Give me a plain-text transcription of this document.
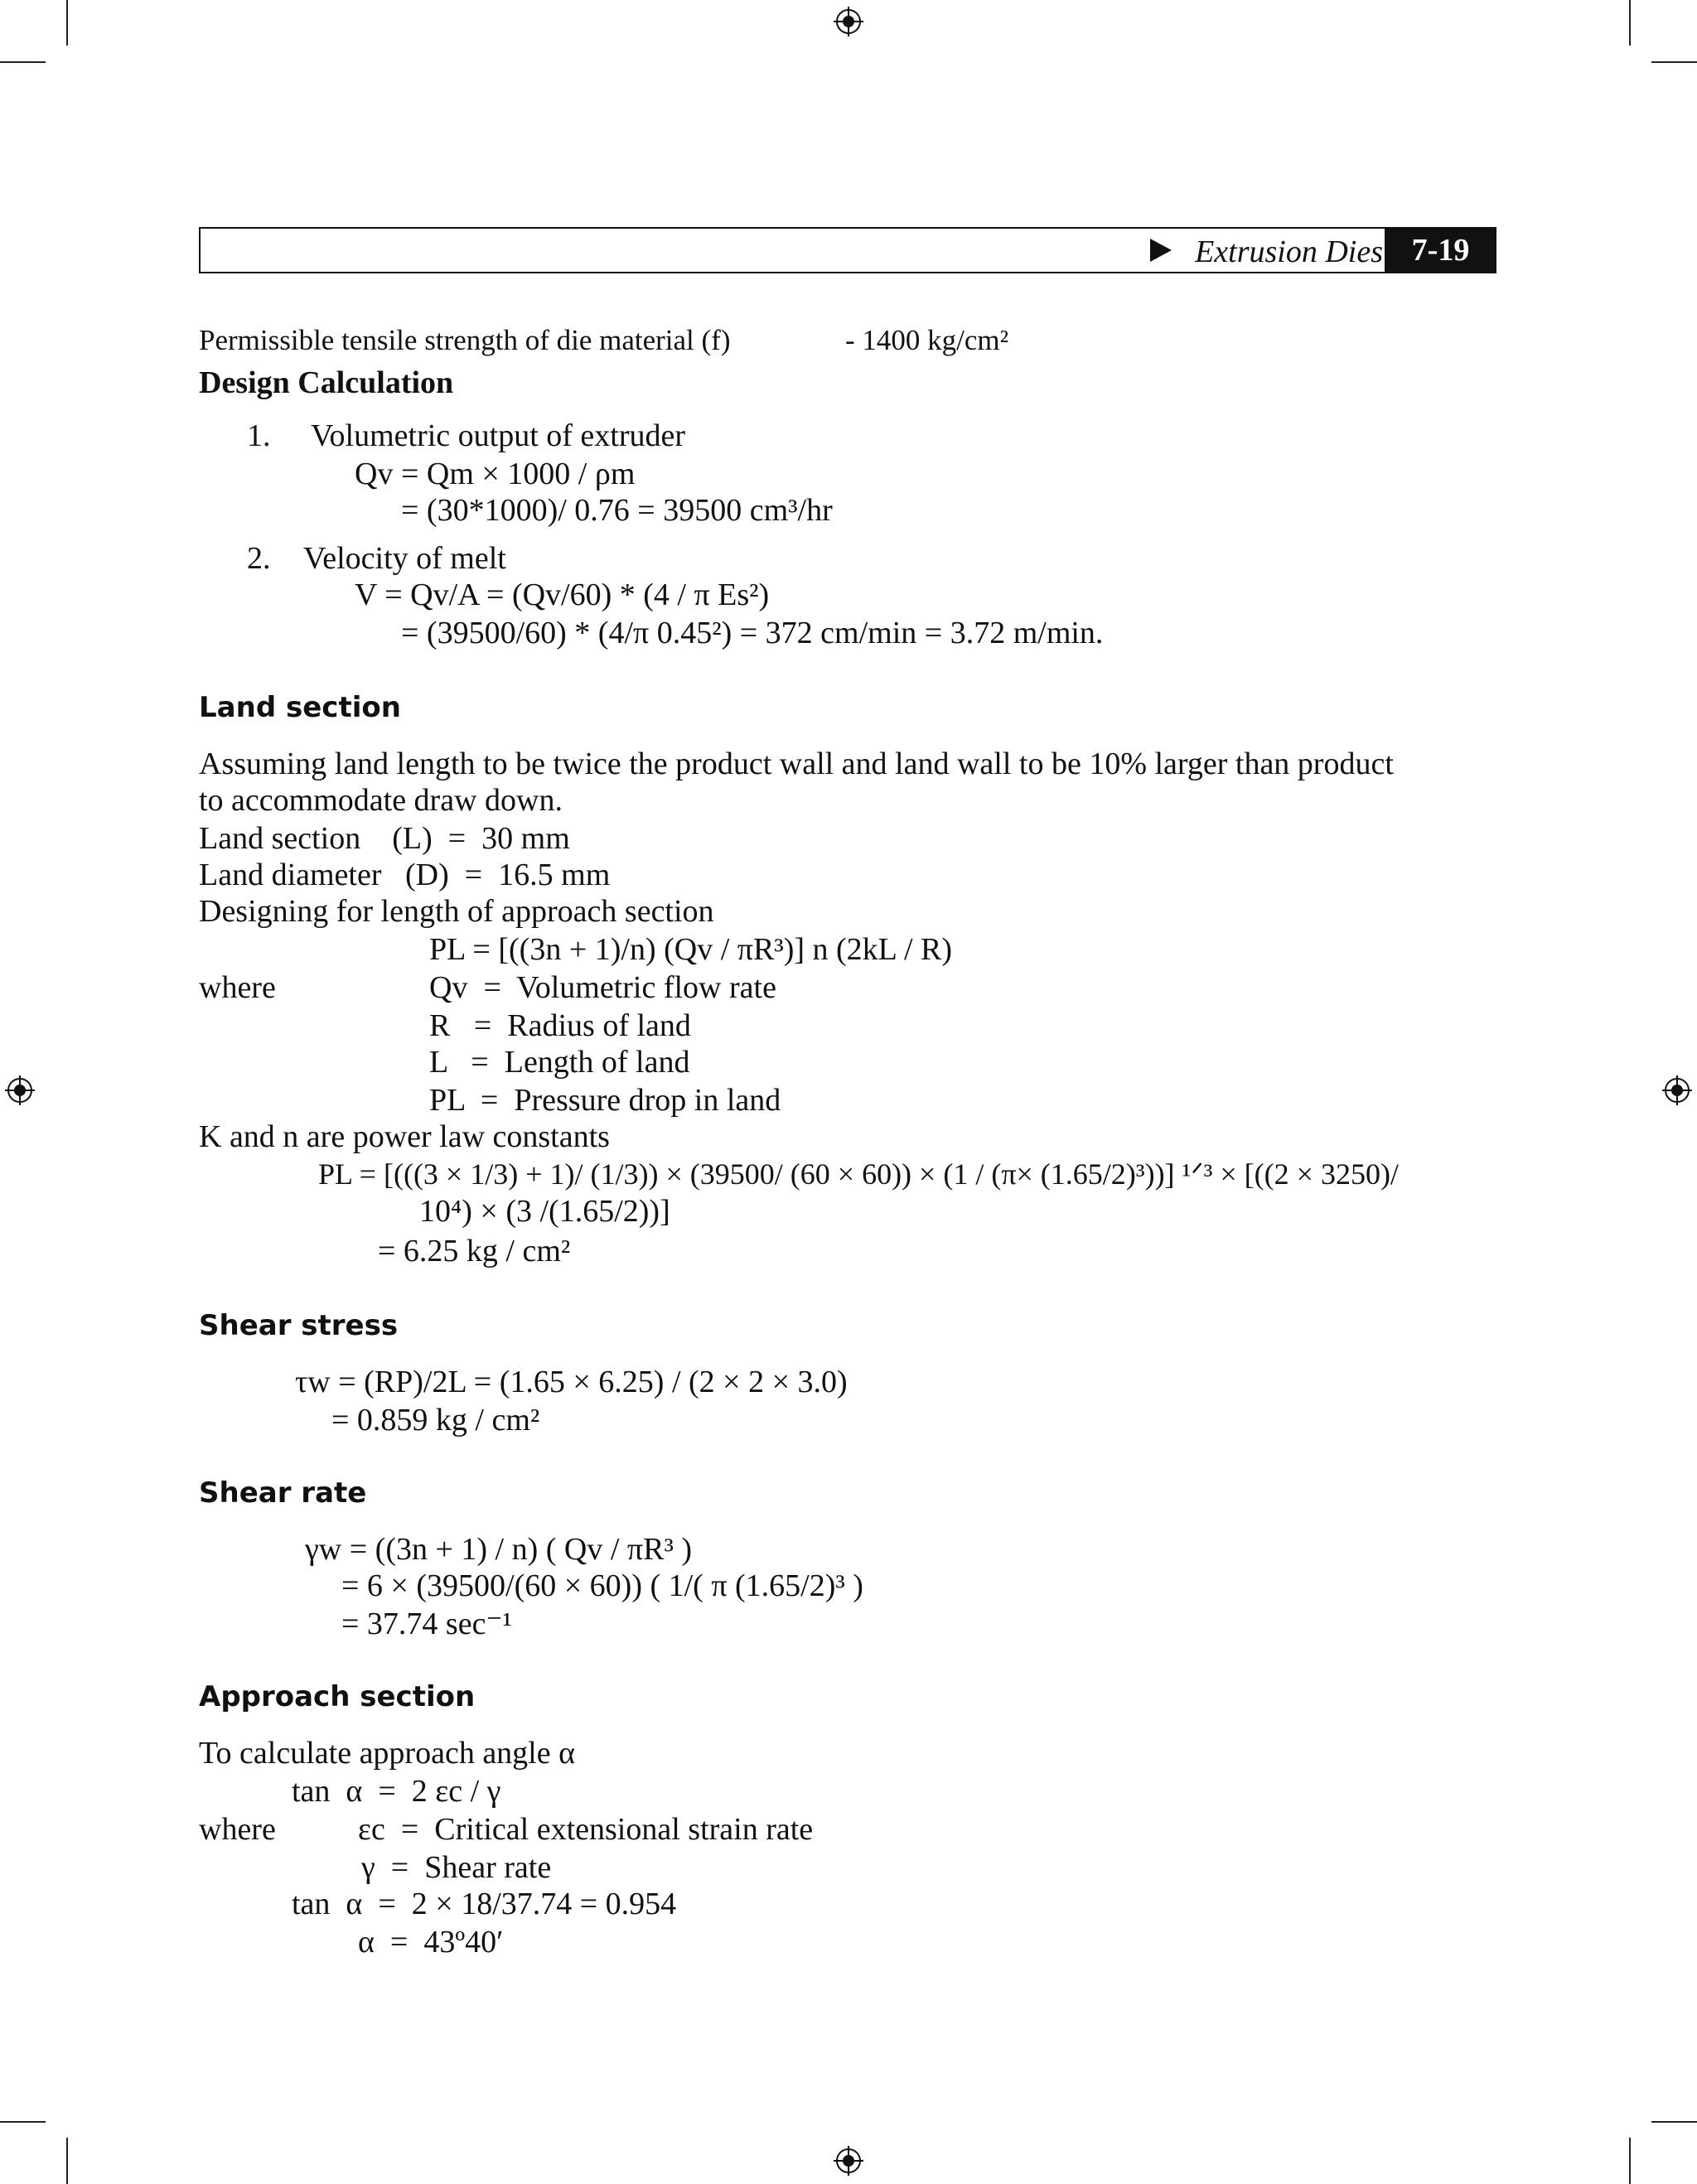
Extrusion Dies 7-19
Permissible tensile strength of die material (f)	- 1400 kg/cm²
Design Calculation
1. Volumetric output of extruder
Qv = Qm × 1000 / ρm
= (30*1000)/ 0.76 = 39500 cm³/hr
2. Velocity of melt
V = Qv/A = (Qv/60) * (4 / π Es²)
= (39500/60) * (4/π 0.45²) = 372 cm/min = 3.72 m/min.
Land section
Assuming land length to be twice the product wall and land wall to be 10% larger than product
to accommodate draw down.
Land section    (L)  =  30 mm
Land diameter   (D)  =  16.5 mm
Designing for length of approach section
PL = [((3n + 1)/n) (Qv / πR³)] n (2kL / R)
where	Qv  =  Volumetric flow rate
R   =  Radius of land
L   =  Length of land
PL  =  Pressure drop in land
K and n are power law constants
PL = [(((3 × 1/3) + 1)/ (1/3)) × (39500/ (60 × 60)) × (1 / (π× (1.65/2)³))] ¹ᐟ³ × [((2 × 3250)/
10⁴) × (3 /(1.65/2))]
= 6.25 kg / cm²
Shear stress
τw = (RP)/2L = (1.65 × 6.25) / (2 × 2 × 3.0)
= 0.859 kg / cm²
Shear rate
γw = ((3n + 1) / n) ( Qv / πR³ )
= 6 × (39500/(60 × 60)) ( 1/( π (1.65/2)³ )
= 37.74 sec⁻¹
Approach section
To calculate approach angle α
tan  α  =  2 εc / γ
where	εc  =  Critical extensional strain rate
γ  =  Shear rate
tan  α  =  2 × 18/37.74 = 0.954
α  =  43º40′
